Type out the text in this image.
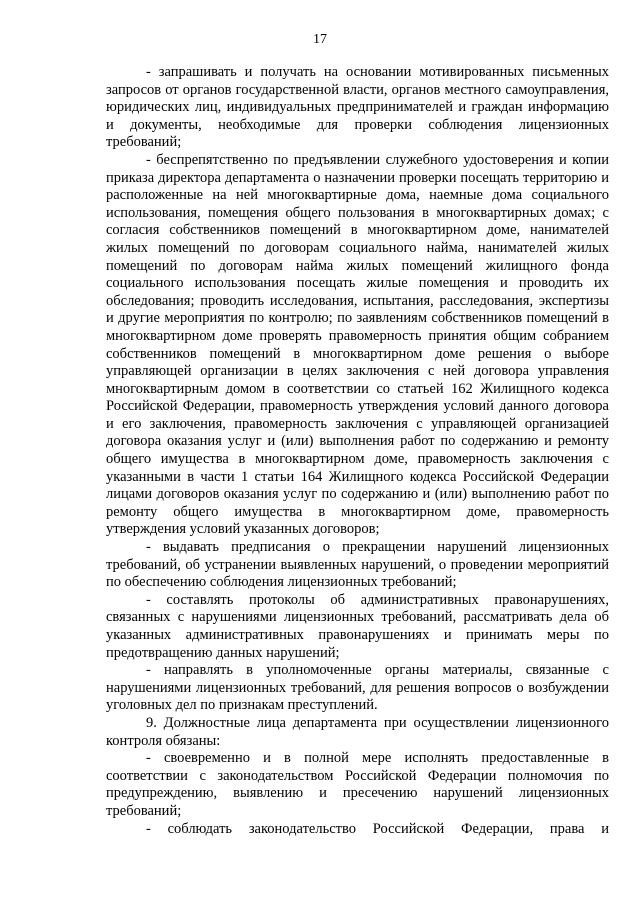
17

- запрашивать и получать на основании мотивированных письменных запросов от органов государственной власти, органов местного самоуправления, юридических лиц, индивидуальных предпринимателей и граждан информацию и документы, необходимые для проверки соблюдения лицензионных требований;

- беспрепятственно по предъявлении служебного удостоверения и копии приказа директора департамента о назначении проверки посещать территорию и расположенные на ней многоквартирные дома, наемные дома социального использования, помещения общего пользования в многоквартирных домах; с согласия собственников помещений в многоквартирном доме, нанимателей жилых помещений по договорам социального найма, нанимателей жилых помещений по договорам найма жилых помещений жилищного фонда социального использования посещать жилые помещения и проводить их обследования; проводить исследования, испытания, расследования, экспертизы и другие мероприятия по контролю; по заявлениям собственников помещений в многоквартирном доме проверять правомерность принятия общим собранием собственников помещений в многоквартирном доме решения о выборе управляющей организации в целях заключения с ней договора управления многоквартирным домом в соответствии со статьей 162 Жилищного кодекса Российской Федерации, правомерность утверждения условий данного договора и его заключения, правомерность заключения с управляющей организацией договора оказания услуг и (или) выполнения работ по содержанию и ремонту общего имущества в многоквартирном доме, правомерность заключения с указанными в части 1 статьи 164 Жилищного кодекса Российской Федерации лицами договоров оказания услуг по содержанию и (или) выполнению работ по ремонту общего имущества в многоквартирном доме, правомерность утверждения условий указанных договоров;

- выдавать предписания о прекращении нарушений лицензионных требований, об устранении выявленных нарушений, о проведении мероприятий по обеспечению соблюдения лицензионных требований;

- составлять протоколы об административных правонарушениях, связанных с нарушениями лицензионных требований, рассматривать дела об указанных административных правонарушениях и принимать меры по предотвращению данных нарушений;

- направлять в уполномоченные органы материалы, связанные с нарушениями лицензионных требований, для решения вопросов о возбуждении уголовных дел по признакам преступлений.

9. Должностные лица департамента при осуществлении лицензионного контроля обязаны:

- своевременно и в полной мере исполнять предоставленные в соответствии с законодательством Российской Федерации полномочия по предупреждению, выявлению и пресечению нарушений лицензионных требований;

- соблюдать законодательство Российской Федерации, права и
